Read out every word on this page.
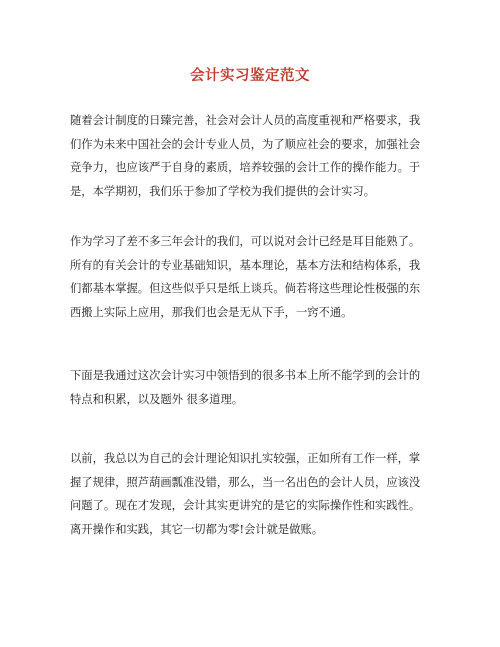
会计实习鉴定范文
随着会计制度的日臻完善，社会对会计人员的高度重视和严格要求，我
们作为未来中国社会的会计专业人员，为了顺应社会的要求，加强社会
竞争力，也应该严于自身的素质，培养较强的会计工作的操作能力。于
是，本学期初，我们乐于参加了学校为我们提供的会计实习。
作为学习了差不多三年会计的我们，可以说对会计已经是耳目能熟了。
所有的有关会计的专业基础知识，基本理论，基本方法和结构体系，我
们都基本掌握。但这些似乎只是纸上谈兵。倘若将这些理论性极强的东
西搬上实际上应用，那我们也会是无从下手，一窍不通。
下面是我通过这次会计实习中领悟到的很多书本上所不能学到的会计的
特点和积累，以及题外 很多道理。
以前，我总以为自己的会计理论知识扎实较强，正如所有工作一样，掌
握了规律，照芦葫画瓢准没错，那么，当一名出色的会计人员，应该没
问题了。现在才发现，会计其实更讲究的是它的实际操作性和实践性。
离开操作和实践，其它一切都为零!会计就是做账。
